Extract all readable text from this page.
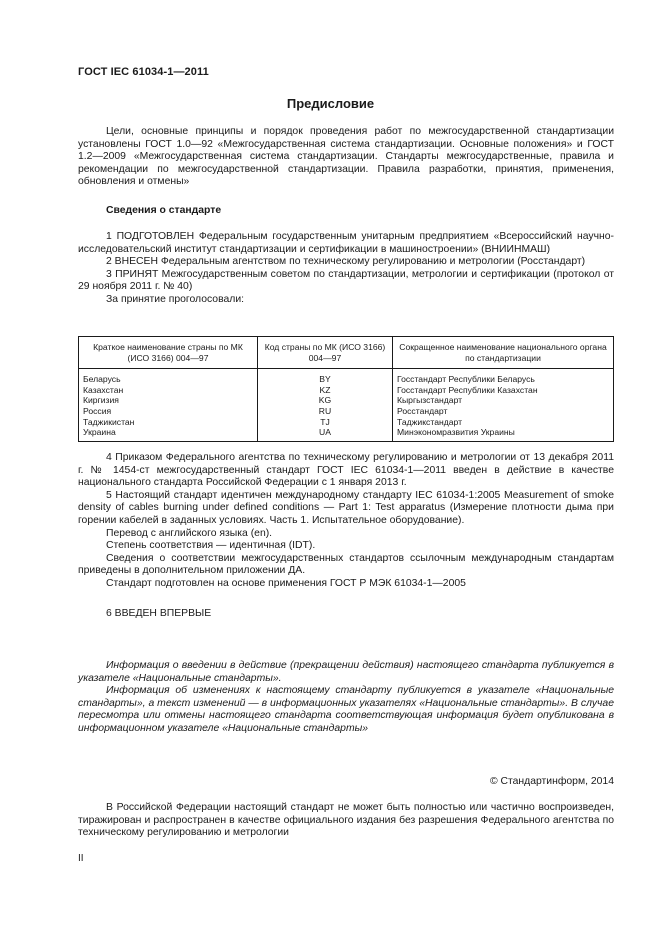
ГОСТ IEC 61034-1—2011
Предисловие

Цели, основные принципы и порядок проведения работ по межгосударственной стандартизации установлены ГОСТ 1.0—92 «Межгосударственная система стандартизации. Основные положения» и ГОСТ 1.2—2009 «Межгосударственная система стандартизации. Стандарты межгосударственные, правила и рекомендации по межгосударственной стандартизации. Правила разработки, принятия, применения, обновления и отмены»

Сведения о стандарте

1 ПОДГОТОВЛЕН Федеральным государственным унитарным предприятием «Всероссийский научно-исследовательский институт стандартизации и сертификации в машиностроении» (ВНИИНМАШ)

2 ВНЕСЕН Федеральным агентством по техническому регулированию и метрологии (Росстандарт)

3 ПРИНЯТ Межгосударственным советом по стандартизации, метрологии и сертификации (протокол от 29 ноября 2011 г. № 40)

За принятие проголосовали:

Краткое наименование страны по МК (ИСО 3166) 004—97	Код страны по МК (ИСО 3166) 004—97	Сокращенное наименование национального органа по стандартизации
Беларусь	BY	Госстандарт Республики Беларусь
Казахстан	KZ	Госстандарт Республики Казахстан
Киргизия	KG	Кыргызстандарт
Россия	RU	Росстандарт
Таджикистан	TJ	Таджикстандарт
Украина	UA	Минэкономразвития Украины

4 Приказом Федерального агентства по техническому регулированию и метрологии от 13 декабря 2011 г. № 1454-ст межгосударственный стандарт ГОСТ IEC 61034-1—2011 введен в действие в качестве национального стандарта Российской Федерации с 1 января 2013 г.

5 Настоящий стандарт идентичен международному стандарту IEC 61034-1:2005 Measurement of smoke density of cables burning under defined conditions — Part 1: Test apparatus (Измерение плотности дыма при горении кабелей в заданных условиях. Часть 1. Испытательное оборудование).

Перевод с английского языка (en).

Степень соответствия — идентичная (IDT).

Сведения о соответствии межгосударственных стандартов ссылочным международным стандартам приведены в дополнительном приложении ДА.

Стандарт подготовлен на основе применения ГОСТ Р МЭК 61034-1—2005

6 ВВЕДЕН ВПЕРВЫЕ

Информация о введении в действие (прекращении действия) настоящего стандарта публикуется в указателе «Национальные стандарты».

Информация об изменениях к настоящему стандарту публикуется в указателе «Национальные стандарты», а текст изменений — в информационных указателях «Национальные стандарты». В случае пересмотра или отмены настоящего стандарта соответствующая информация будет опубликована в информационном указателе «Национальные стандарты»

© Стандартинформ, 2014

В Российской Федерации настоящий стандарт не может быть полностью или частично воспроизведен, тиражирован и распространен в качестве официального издания без разрешения Федерального агентства по техническому регулированию и метрологии

II
